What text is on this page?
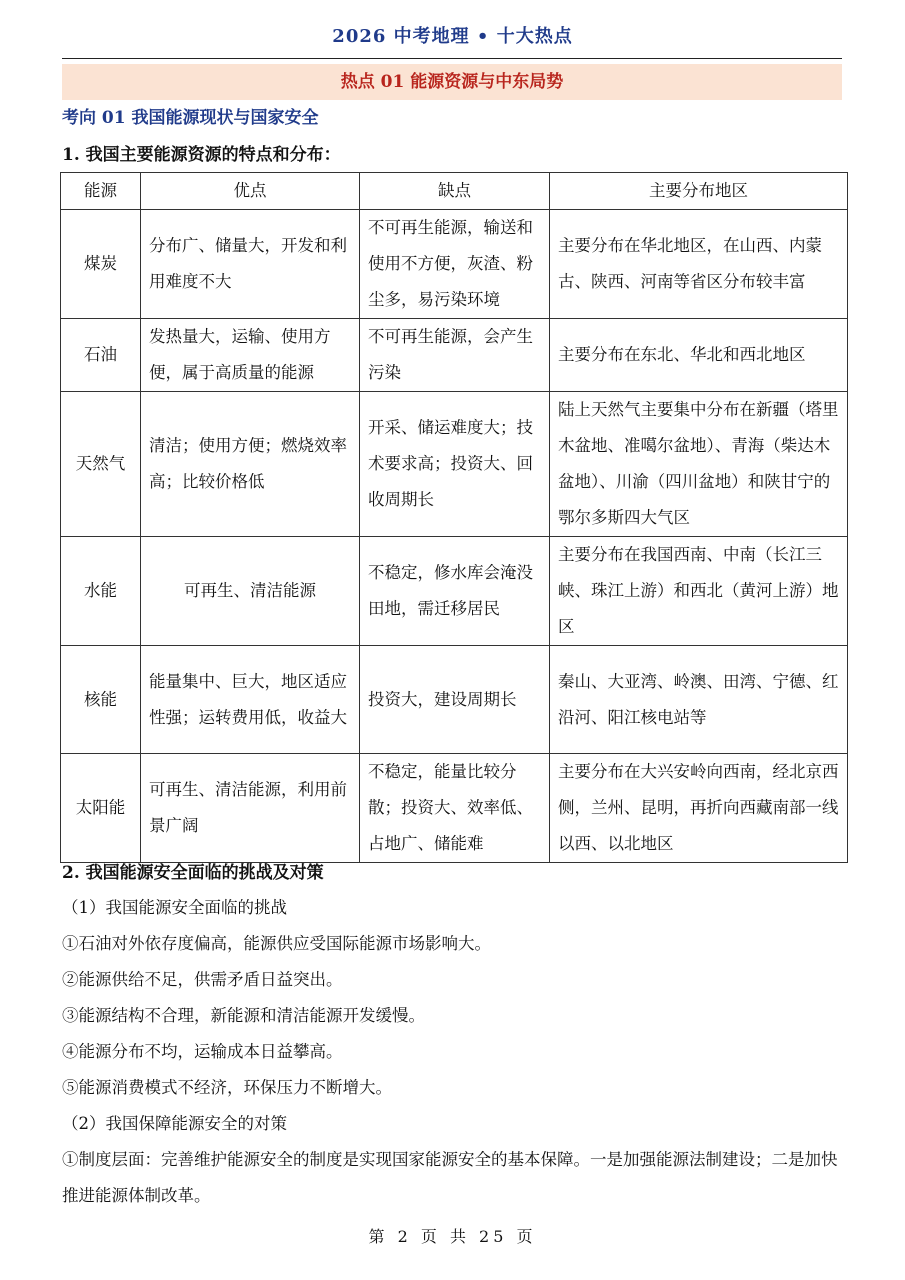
2026 中考地理 • 十大热点
热点 01 能源资源与中东局势
考向 01 我国能源现状与国家安全
1. 我国主要能源资源的特点和分布：
能源	优点	缺点	主要分布地区
煤炭	分布广、储量大，开发和利用难度不大	不可再生能源，输送和使用不方便，灰渣、粉尘多，易污染环境	主要分布在华北地区，在山西、内蒙古、陕西、河南等省区分布较丰富
石油	发热量大，运输、使用方便，属于高质量的能源	不可再生能源，会产生污染	主要分布在东北、华北和西北地区
天然气	清洁；使用方便；燃烧效率高；比较价格低	开采、储运难度大；技术要求高；投资大、回收周期长	陆上天然气主要集中分布在新疆（塔里木盆地、准噶尔盆地）、青海（柴达木盆地）、川渝（四川盆地）和陕甘宁的鄂尔多斯四大气区
水能	可再生、清洁能源	不稳定，修水库会淹没田地，需迁移居民	主要分布在我国西南、中南（长江三峡、珠江上游）和西北（黄河上游）地区
核能	能量集中、巨大，地区适应性强；运转费用低，收益大	投资大，建设周期长	秦山、大亚湾、岭澳、田湾、宁德、红沿河、阳江核电站等
太阳能	可再生、清洁能源，利用前景广阔	不稳定，能量比较分散；投资大、效率低、占地广、储能难	主要分布在大兴安岭向西南，经北京西侧，兰州、昆明，再折向西藏南部一线以西、以北地区
2. 我国能源安全面临的挑战及对策
（1）我国能源安全面临的挑战
①石油对外依存度偏高，能源供应受国际能源市场影响大。
②能源供给不足，供需矛盾日益突出。
③能源结构不合理，新能源和清洁能源开发缓慢。
④能源分布不均，运输成本日益攀高。
⑤能源消费模式不经济，环保压力不断增大。
（2）我国保障能源安全的对策
①制度层面：完善维护能源安全的制度是实现国家能源安全的基本保障。一是加强能源法制建设；二是加快推进能源体制改革。
第 2 页 共 25 页
